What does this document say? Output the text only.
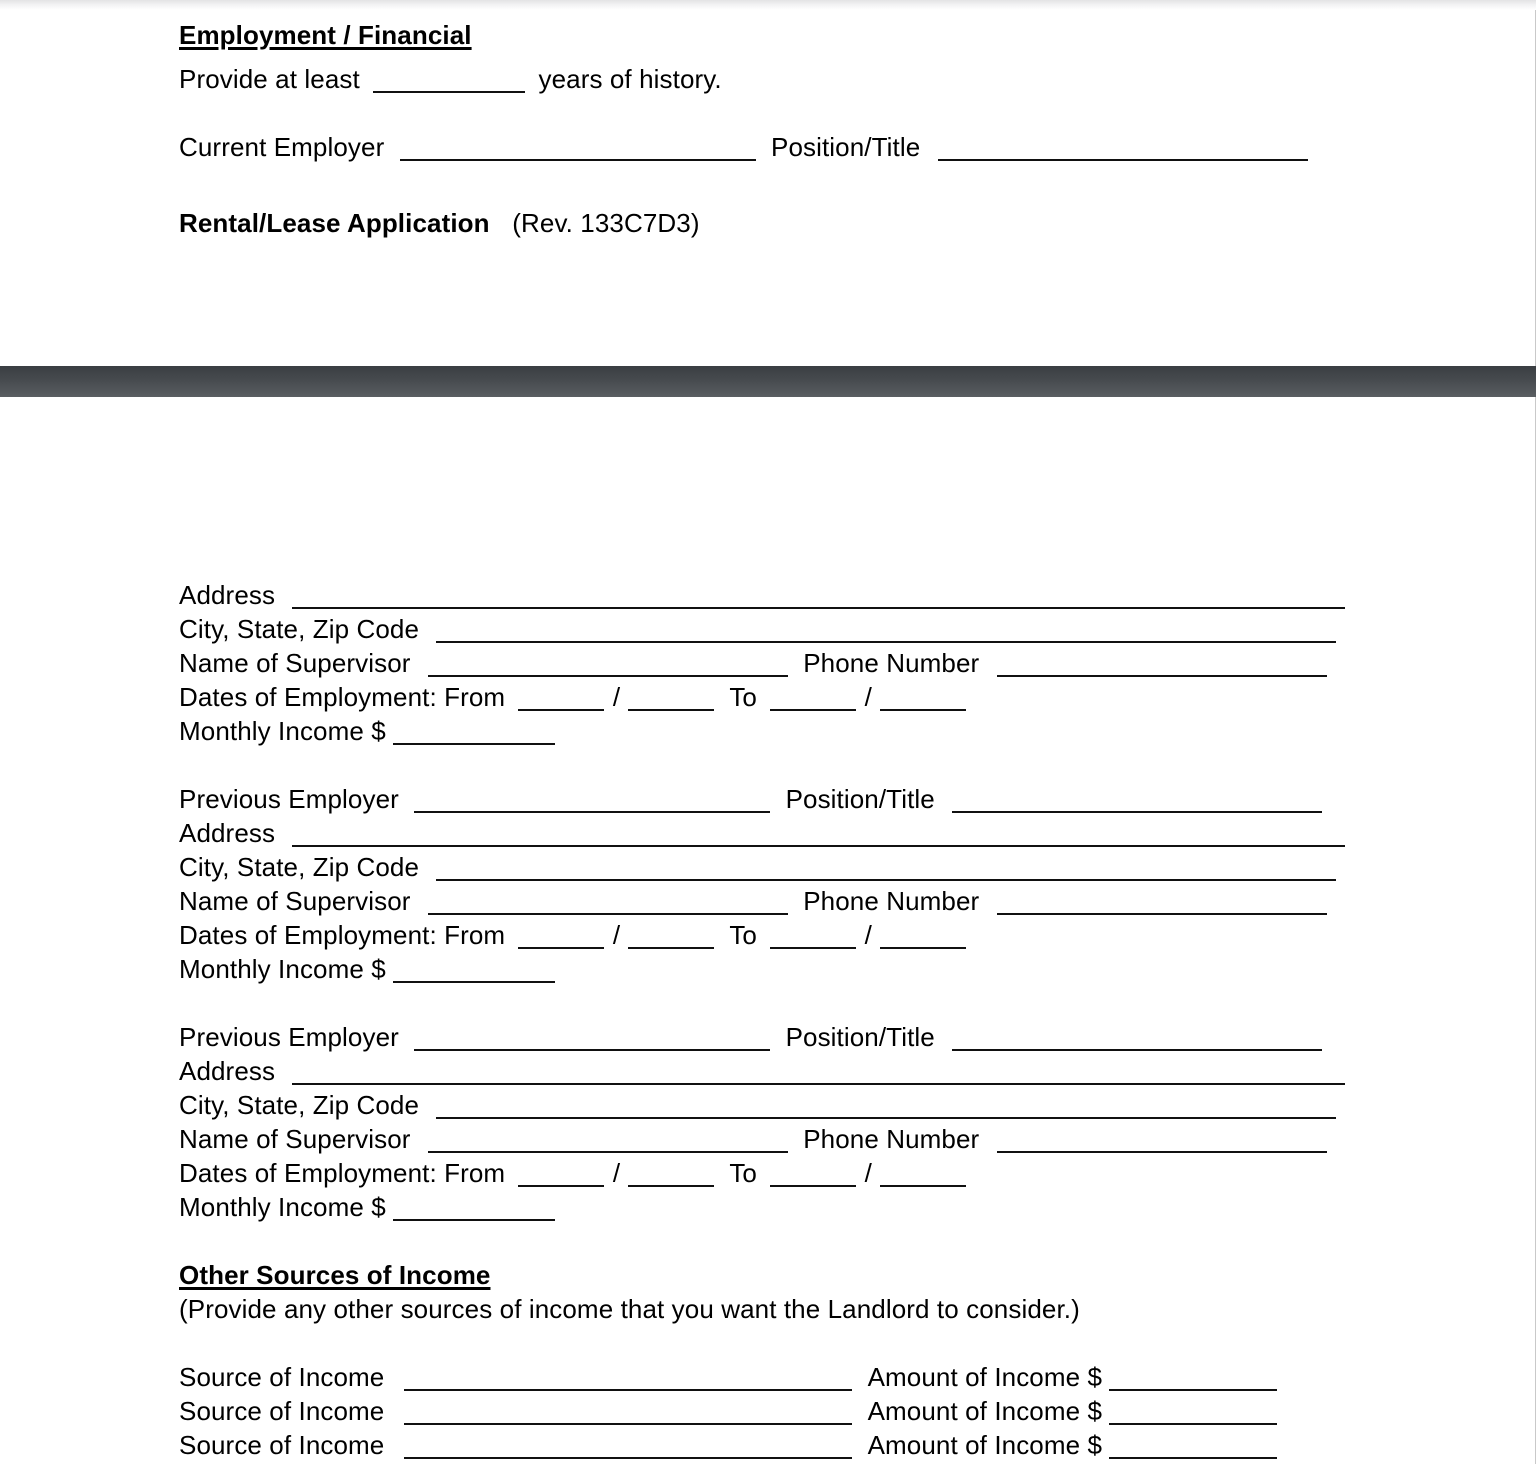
Employment / Financial
Provide at least	years of history.
Current Employer	Position/Title
Rental/Lease Application (Rev. 133C7D3)
Address
City, State, Zip Code
Name of Supervisor	Phone Number
Dates of Employment: From	/	To	/
Monthly Income $
Previous Employer	Position/Title
Address
City, State, Zip Code
Name of Supervisor	Phone Number
Dates of Employment: From	/	To	/
Monthly Income $
Previous Employer	Position/Title
Address
City, State, Zip Code
Name of Supervisor	Phone Number
Dates of Employment: From	/	To	/
Monthly Income $
Other Sources of Income
(Provide any other sources of income that you want the Landlord to consider.)
Source of Income	Amount of Income $
Source of Income	Amount of Income $
Source of Income	Amount of Income $
